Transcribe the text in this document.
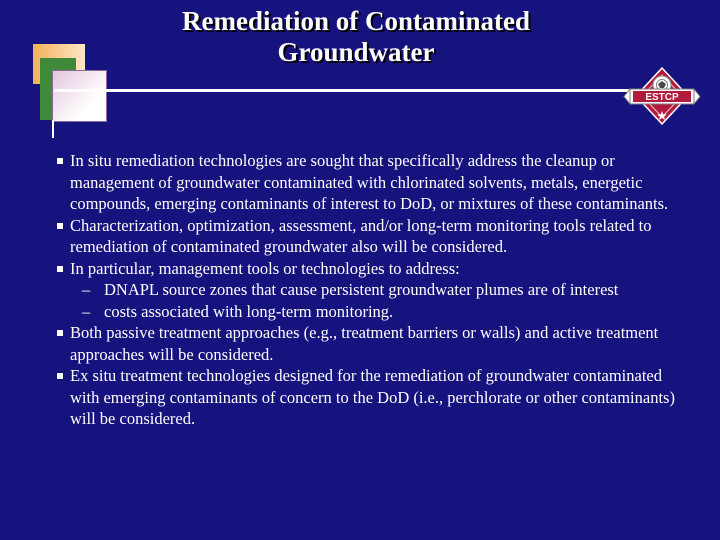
Remediation of Contaminated Groundwater
ESTCP
In situ remediation technologies are sought that specifically address the cleanup or management of groundwater contaminated with chlorinated solvents, metals, energetic compounds, emerging contaminants of interest to DoD, or mixtures of these contaminants.
Characterization, optimization, assessment, and/or long-term monitoring tools related to remediation of contaminated groundwater also will be considered.
In particular, management tools or technologies to address:
– DNAPL source zones that cause persistent groundwater plumes are of interest
– costs associated with long-term monitoring.
Both passive treatment approaches (e.g., treatment barriers or walls) and active treatment approaches will be considered.
Ex situ treatment technologies designed for the remediation of groundwater contaminated with emerging contaminants of concern to the DoD (i.e., perchlorate or other contaminants) will be considered.
